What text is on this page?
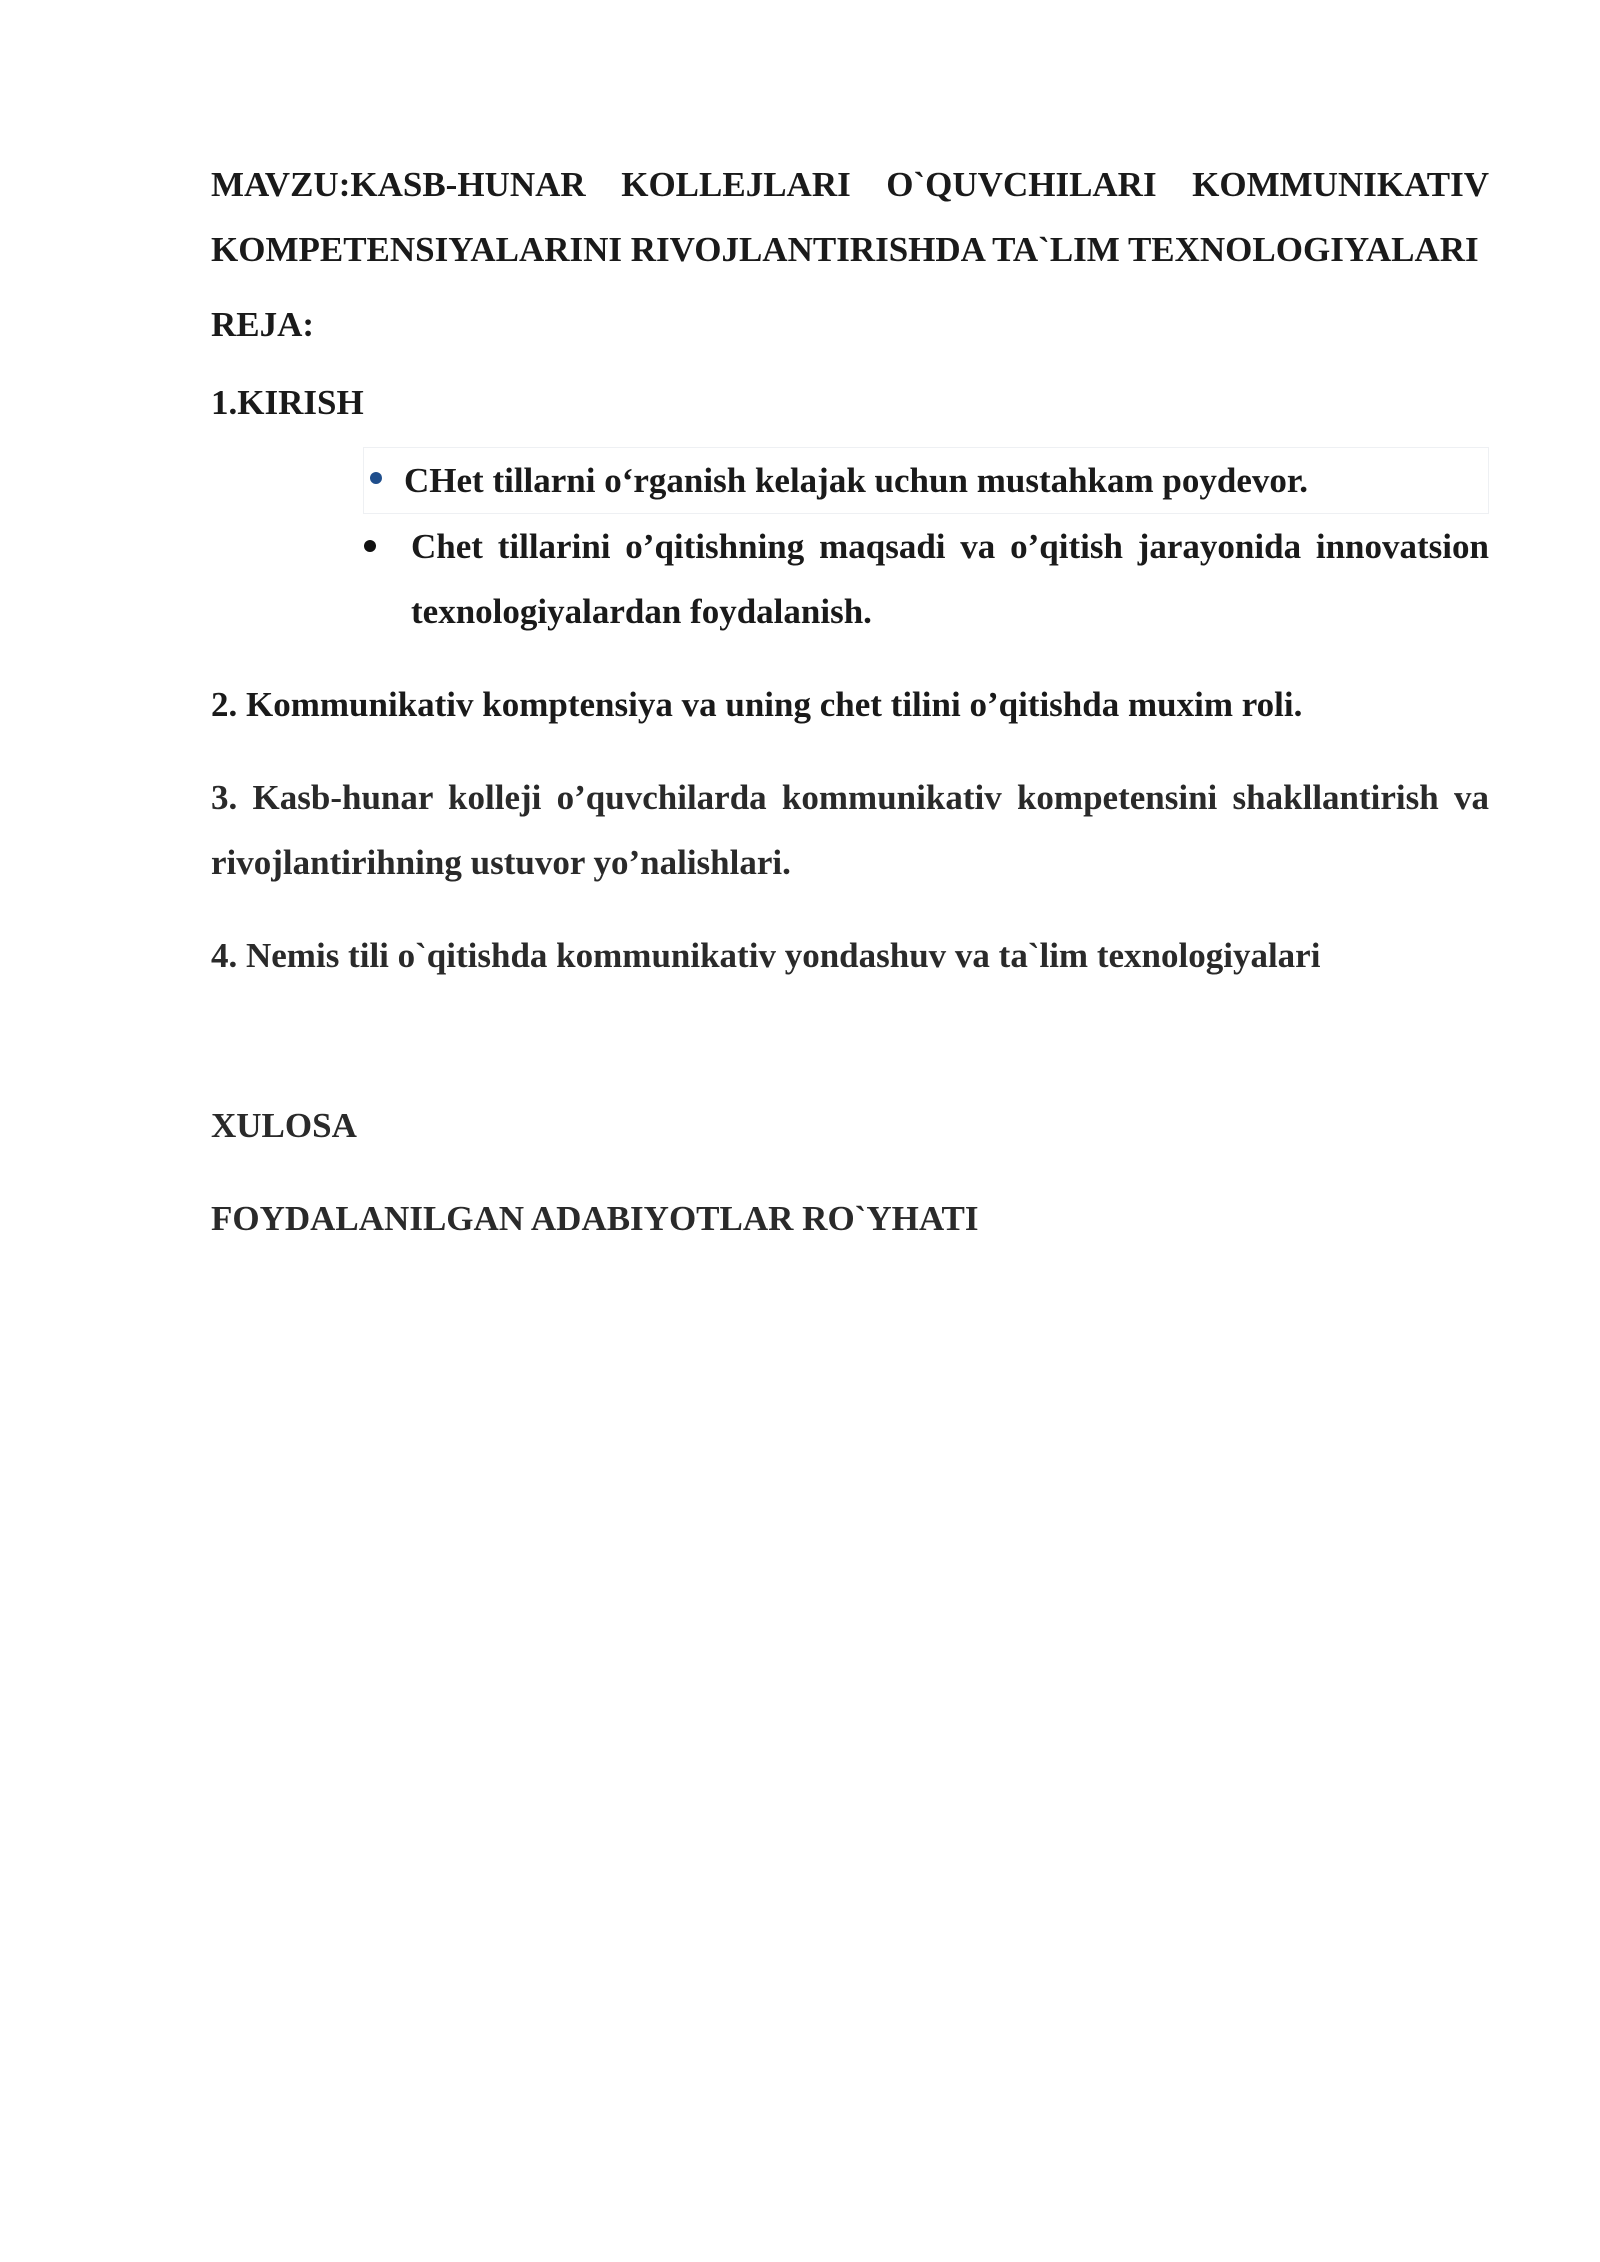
MAVZU:KASB-HUNAR KOLLEJLARI O`QUVCHILARI KOMMUNIKATIV KOMPETENSIYALARINI RIVOJLANTIRISHDA TA`LIM TEXNOLOGIYALARI

REJA:

1.KIRISH

CHet tillarni o‘rganish kelajak uchun mustahkam poydevor.
Chet tillarini o’qitishning maqsadi va o’qitish jarayonida innovatsion texnologiyalardan foydalanish.

2. Kommunikativ komptensiya va uning chet tilini o’qitishda muxim roli.

3. Kasb-hunar kolleji o’quvchilarda kommunikativ kompetensini shakllantirish va rivojlantirihning ustuvor yo’nalishlari.

4. Nemis tili o`qitishda kommunikativ yondashuv va ta`lim texnologiyalari

XULOSA

FOYDALANILGAN ADABIYOTLAR RO`YHATI
